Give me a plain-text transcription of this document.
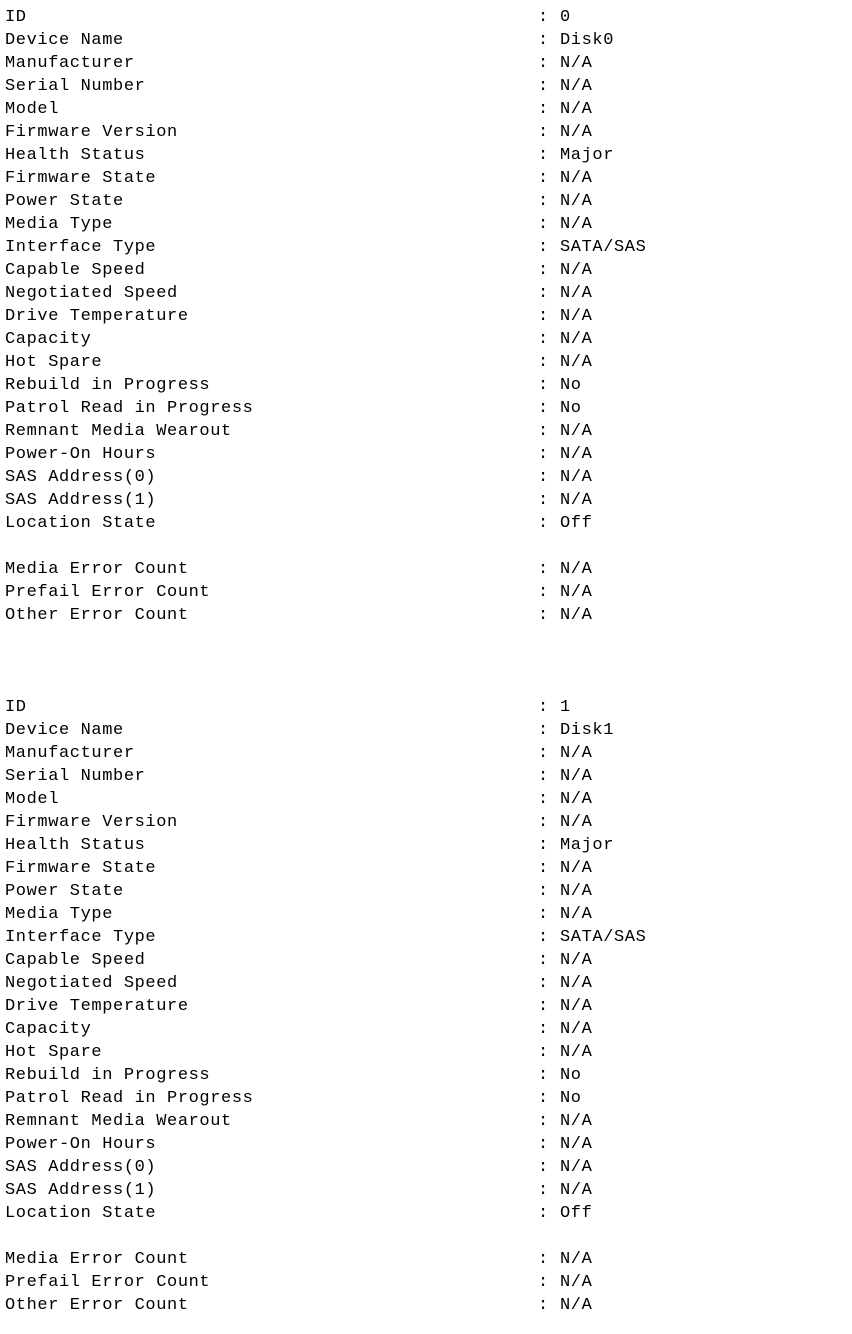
ID	: 0
Device Name	: Disk0
Manufacturer	: N/A
Serial Number	: N/A
Model	: N/A
Firmware Version	: N/A
Health Status	: Major
Firmware State	: N/A
Power State	: N/A
Media Type	: N/A
Interface Type	: SATA/SAS
Capable Speed	: N/A
Negotiated Speed	: N/A
Drive Temperature	: N/A
Capacity	: N/A
Hot Spare	: N/A
Rebuild in Progress	: No
Patrol Read in Progress	: No
Remnant Media Wearout	: N/A
Power-On Hours	: N/A
SAS Address(0)	: N/A
SAS Address(1)	: N/A
Location State	: Off
Media Error Count	: N/A
Prefail Error Count	: N/A
Other Error Count	: N/A
ID	: 1
Device Name	: Disk1
Manufacturer	: N/A
Serial Number	: N/A
Model	: N/A
Firmware Version	: N/A
Health Status	: Major
Firmware State	: N/A
Power State	: N/A
Media Type	: N/A
Interface Type	: SATA/SAS
Capable Speed	: N/A
Negotiated Speed	: N/A
Drive Temperature	: N/A
Capacity	: N/A
Hot Spare	: N/A
Rebuild in Progress	: No
Patrol Read in Progress	: No
Remnant Media Wearout	: N/A
Power-On Hours	: N/A
SAS Address(0)	: N/A
SAS Address(1)	: N/A
Location State	: Off
Media Error Count	: N/A
Prefail Error Count	: N/A
Other Error Count	: N/A
